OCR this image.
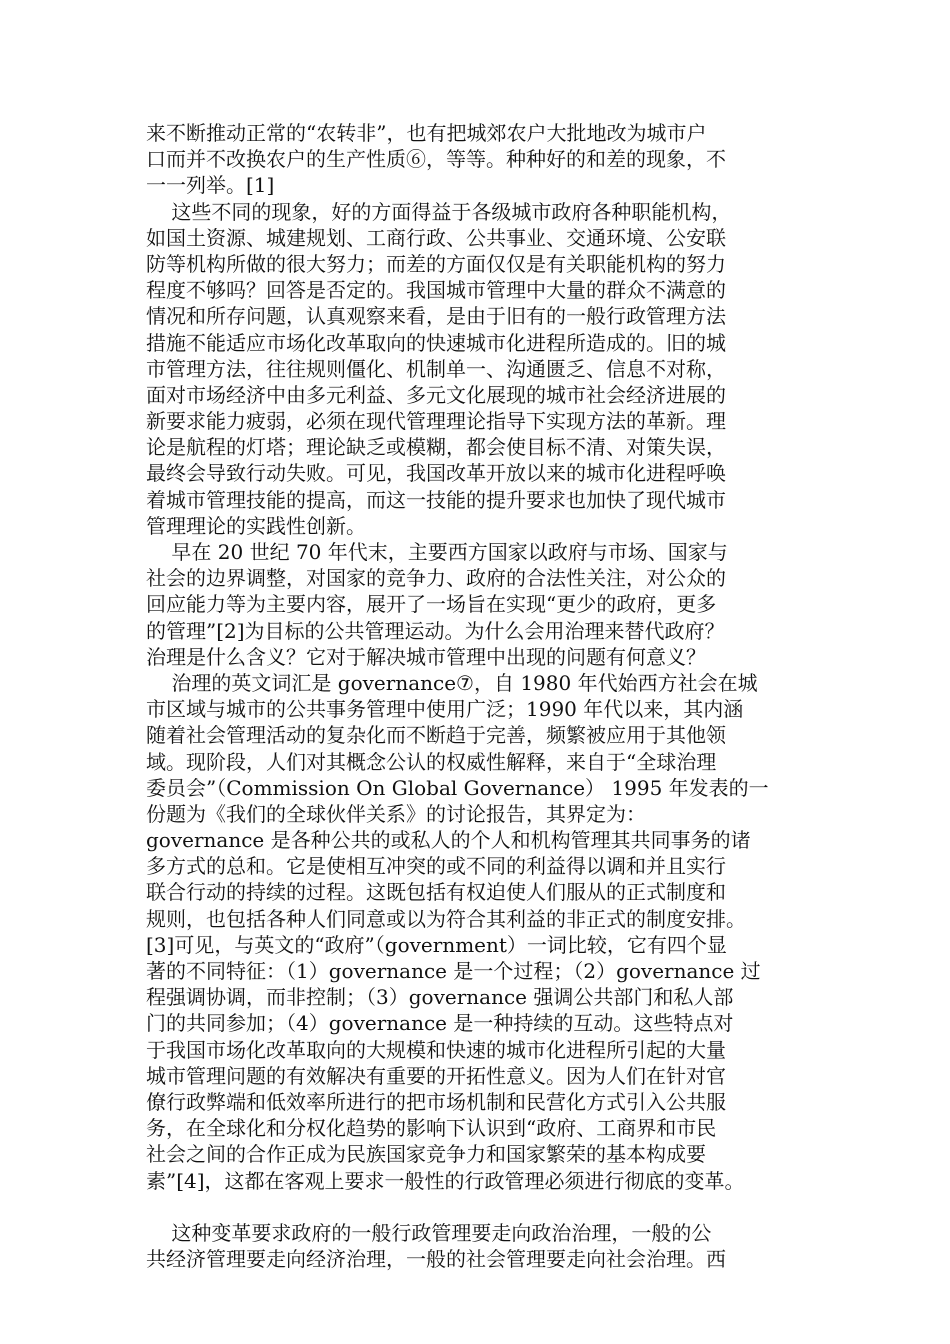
来不断推动正常的“农转非”，也有把城郊农户大批地改为城市户
口而并不改换农户的生产性质⑥，等等。种种好的和差的现象，不
一一列举。[1]
这些不同的现象，好的方面得益于各级城市政府各种职能机构，
如国土资源、城建规划、工商行政、公共事业、交通环境、公安联
防等机构所做的很大努力；而差的方面仅仅是有关职能机构的努力
程度不够吗？回答是否定的。我国城市管理中大量的群众不满意的
情况和所存问题，认真观察来看，是由于旧有的一般行政管理方法
措施不能适应市场化改革取向的快速城市化进程所造成的。旧的城
市管理方法，往往规则僵化、机制单一、沟通匮乏、信息不对称，
面对市场经济中由多元利益、多元文化展现的城市社会经济进展的
新要求能力疲弱，必须在现代管理理论指导下实现方法的革新。理
论是航程的灯塔；理论缺乏或模糊，都会使目标不清、对策失误，
最终会导致行动失败。可见，我国改革开放以来的城市化进程呼唤
着城市管理技能的提高，而这一技能的提升要求也加快了现代城市
管理理论的实践性创新。
早在 20 世纪 70 年代末，主要西方国家以政府与市场、国家与
社会的边界调整，对国家的竞争力、政府的合法性关注，对公众的
回应能力等为主要内容，展开了一场旨在实现“更少的政府，更多
的管理”[2]为目标的公共管理运动。为什么会用治理来替代政府？
治理是什么含义？它对于解决城市管理中出现的问题有何意义？
治理的英文词汇是 governance⑦，自 1980 年代始西方社会在城
市区域与城市的公共事务管理中使用广泛；1990 年代以来，其内涵
随着社会管理活动的复杂化而不断趋于完善，频繁被应用于其他领
域。现阶段，人们对其概念公认的权威性解释，来自于“全球治理
委员会”（Commission On Global Governance） 1995 年发表的一
份题为《我们的全球伙伴关系》的讨论报告，其界定为：
governance 是各种公共的或私人的个人和机构管理其共同事务的诸
多方式的总和。它是使相互冲突的或不同的利益得以调和并且实行
联合行动的持续的过程。这既包括有权迫使人们服从的正式制度和
规则，也包括各种人们同意或以为符合其利益的非正式的制度安排。
[3]可见，与英文的“政府”（government）一词比较，它有四个显
著的不同特征：（1）governance 是一个过程；（2）governance 过
程强调协调，而非控制；（3）governance 强调公共部门和私人部
门的共同参加；（4）governance 是一种持续的互动。这些特点对
于我国市场化改革取向的大规模和快速的城市化进程所引起的大量
城市管理问题的有效解决有重要的开拓性意义。因为人们在针对官
僚行政弊端和低效率所进行的把市场机制和民营化方式引入公共服
务，在全球化和分权化趋势的影响下认识到“政府、工商界和市民
社会之间的合作正成为民族国家竞争力和国家繁荣的基本构成要
素”[4]，这都在客观上要求一般性的行政管理必须进行彻底的变革。
这种变革要求政府的一般行政管理要走向政治治理，一般的公
共经济管理要走向经济治理，一般的社会管理要走向社会治理。西
